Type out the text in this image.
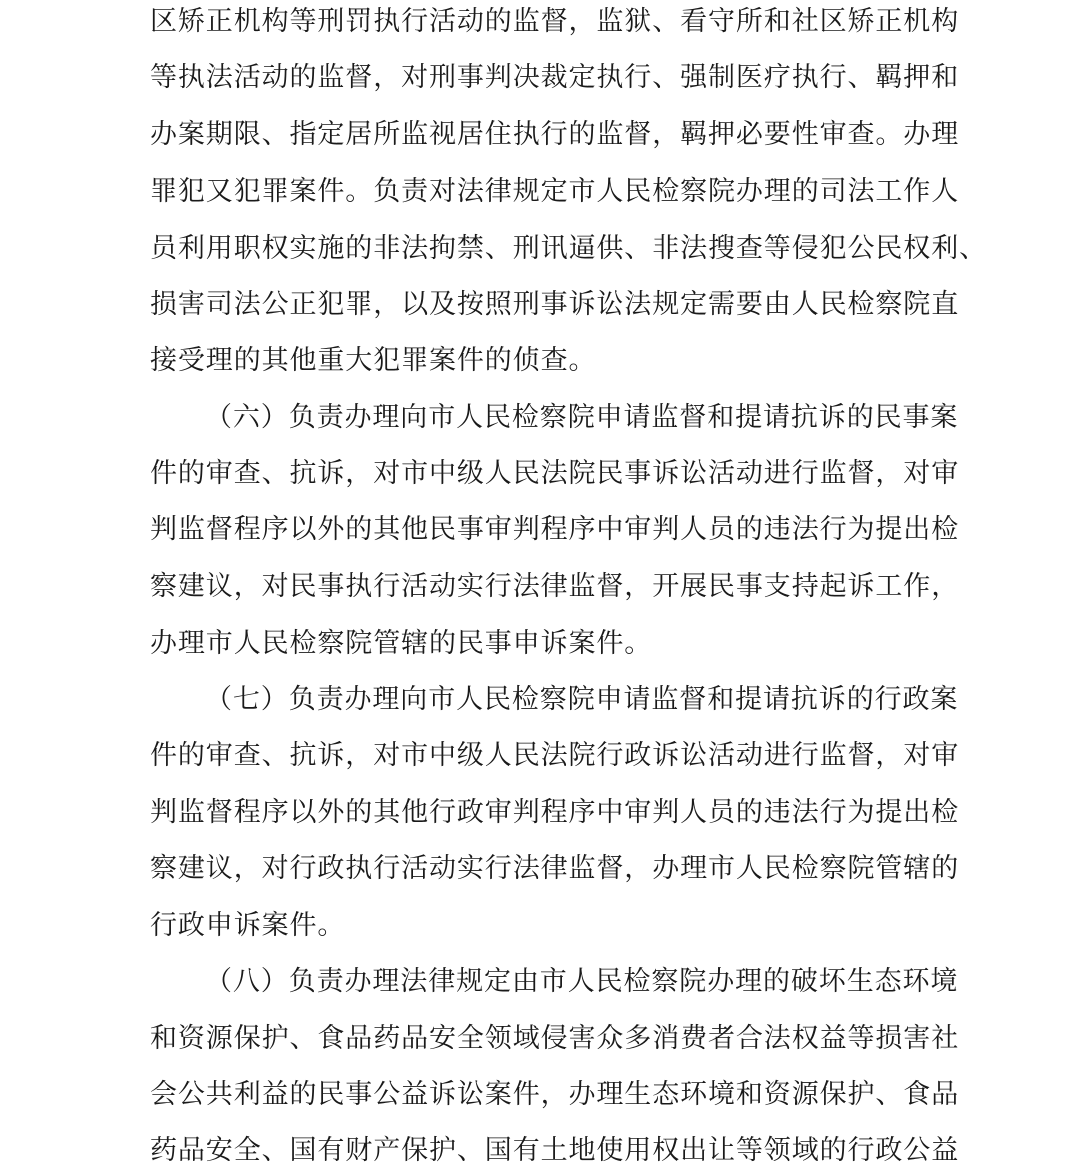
区矫正机构等刑罚执行活动的监督，监狱、看守所和社区矫正机构
等执法活动的监督，对刑事判决裁定执行、强制医疗执行、羁押和
办案期限、指定居所监视居住执行的监督，羁押必要性审查。办理
罪犯又犯罪案件。负责对法律规定市人民检察院办理的司法工作人
员利用职权实施的非法拘禁、刑讯逼供、非法搜查等侵犯公民权利、
损害司法公正犯罪，以及按照刑事诉讼法规定需要由人民检察院直
接受理的其他重大犯罪案件的侦查。
（六）负责办理向市人民检察院申请监督和提请抗诉的民事案
件的审查、抗诉，对市中级人民法院民事诉讼活动进行监督，对审
判监督程序以外的其他民事审判程序中审判人员的违法行为提出检
察建议，对民事执行活动实行法律监督，开展民事支持起诉工作，
办理市人民检察院管辖的民事申诉案件。
（七）负责办理向市人民检察院申请监督和提请抗诉的行政案
件的审查、抗诉，对市中级人民法院行政诉讼活动进行监督，对审
判监督程序以外的其他行政审判程序中审判人员的违法行为提出检
察建议，对行政执行活动实行法律监督，办理市人民检察院管辖的
行政申诉案件。
（八）负责办理法律规定由市人民检察院办理的破坏生态环境
和资源保护、食品药品安全领域侵害众多消费者合法权益等损害社
会公共利益的民事公益诉讼案件，办理生态环境和资源保护、食品
药品安全、国有财产保护、国有土地使用权出让等领域的行政公益
